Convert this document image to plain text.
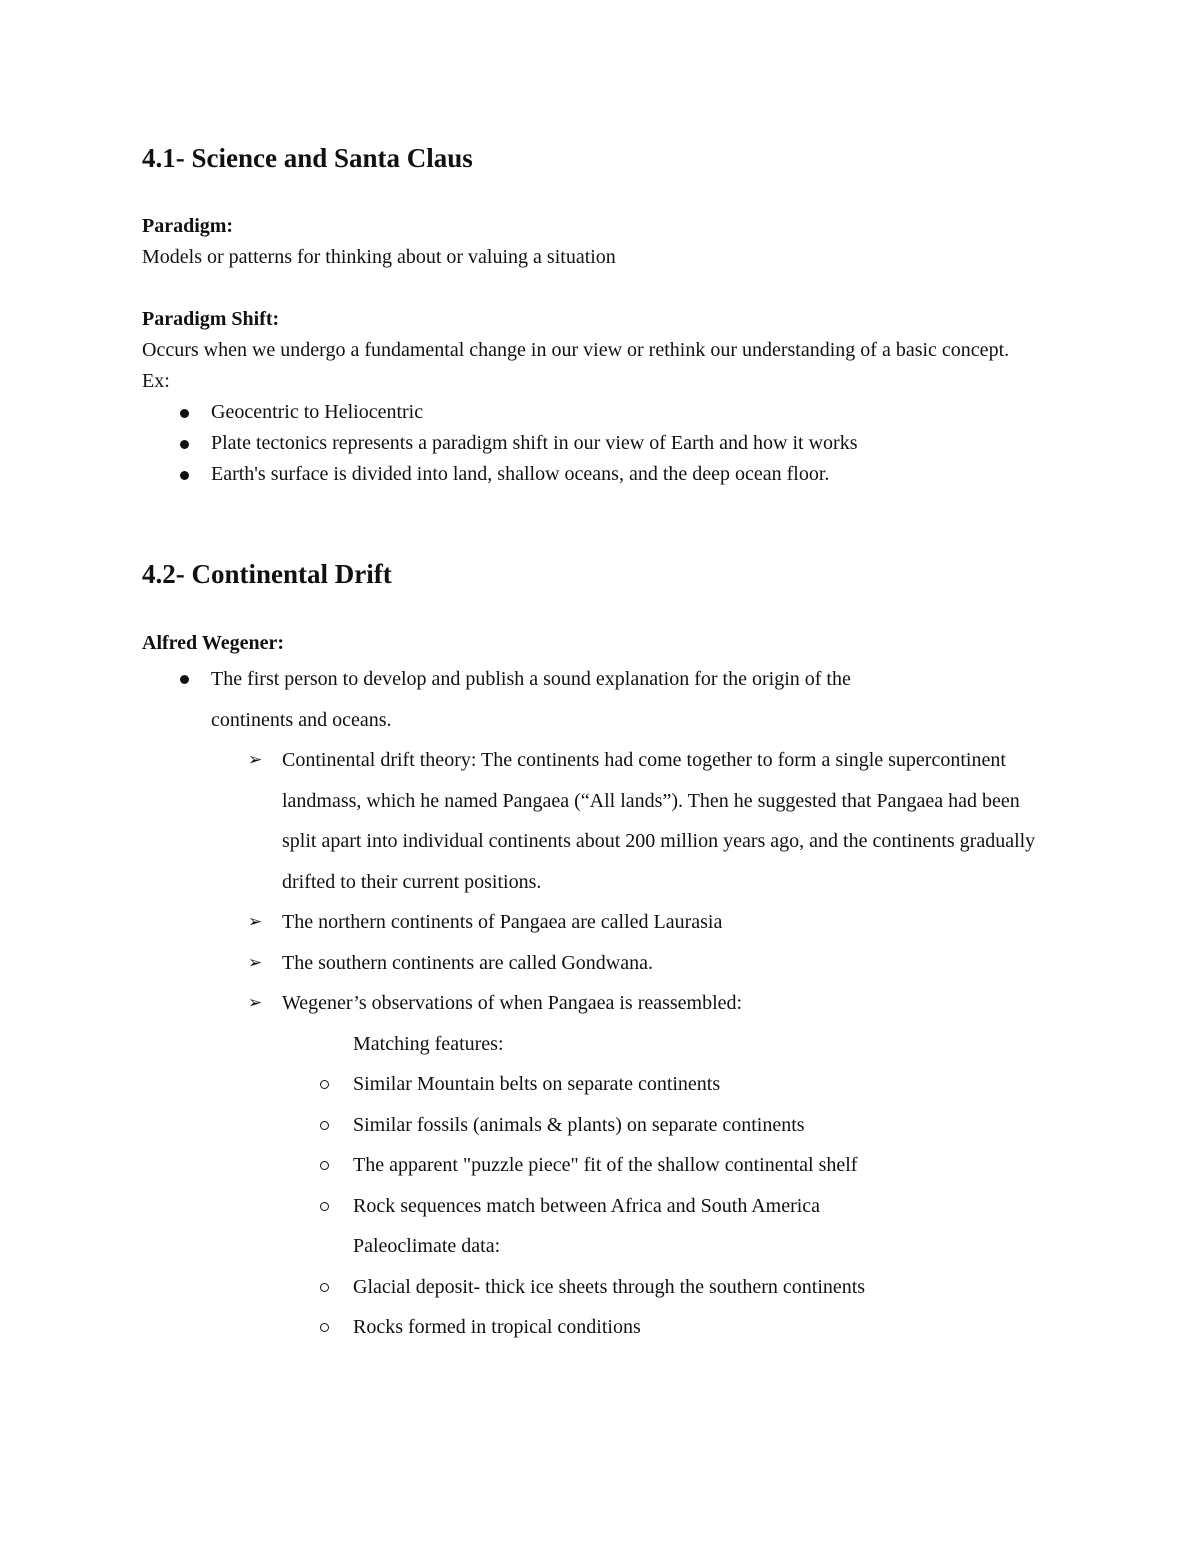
4.1- Science and Santa Claus

Paradigm:

Models or patterns for thinking about or valuing a situation

Paradigm Shift:

Occurs when we undergo a fundamental change in our view or rethink our understanding of a basic concept.

Ex:

Geocentric to Heliocentric
Plate tectonics represents a paradigm shift in our view of Earth and how it works
Earth's surface is divided into land, shallow oceans, and the deep ocean floor.
4.2- Continental Drift

Alfred Wegener:

The first person to develop and publish a sound explanation for the origin of the continents and oceans.
➢ Continental drift theory: The continents had come together to form a single supercontinent landmass, which he named Pangaea (“All lands”). Then he suggested that Pangaea had been split apart into individual continents about 200 million years ago, and the continents gradually drifted to their current positions.
➢ The northern continents of Pangaea are called Laurasia
➢ The southern continents are called Gondwana.
➢ Wegener’s observations of when Pangaea is reassembled:
Matching features:
Similar Mountain belts on separate continents
Similar fossils (animals & plants) on separate continents
The apparent "puzzle piece" fit of the shallow continental shelf
Rock sequences match between Africa and South America
Paleoclimate data:
Glacial deposit- thick ice sheets through the southern continents
Rocks formed in tropical conditions
